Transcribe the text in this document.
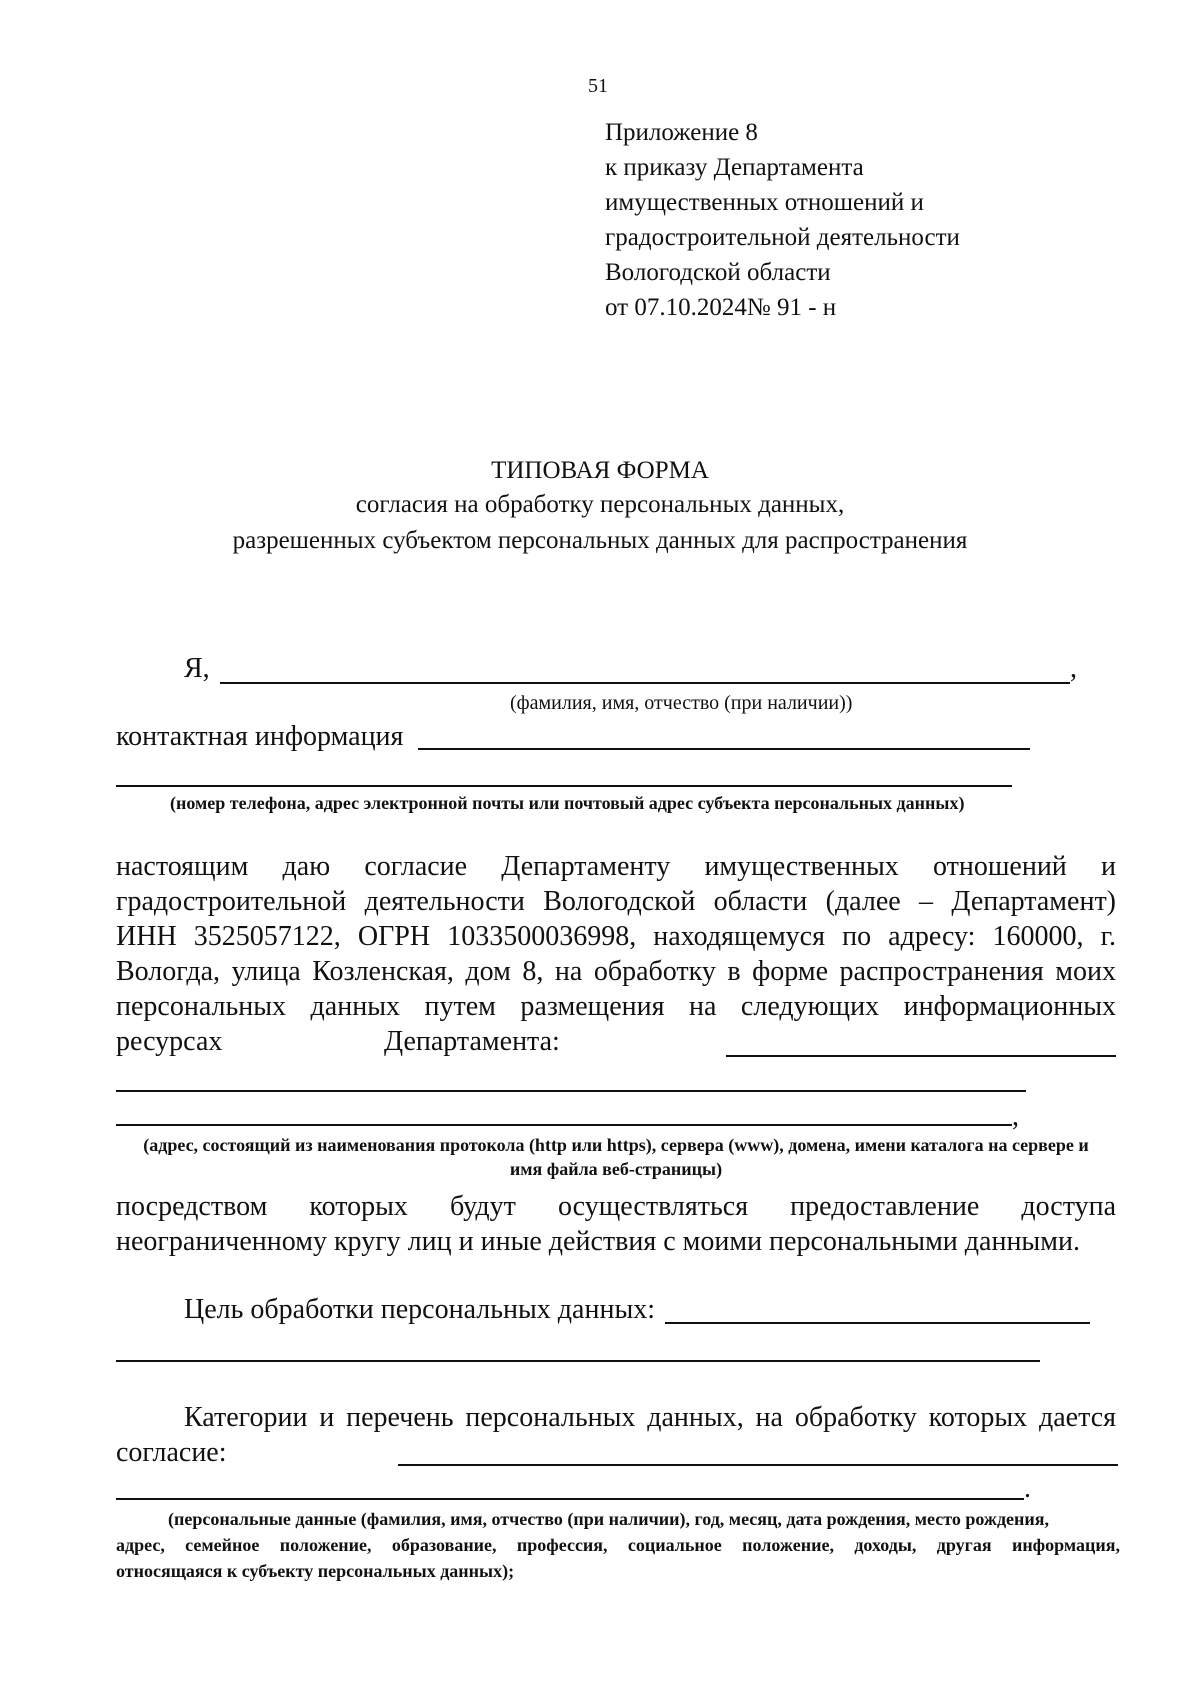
51
Приложение 8
к приказу Департамента
имущественных отношений и
градостроительной деятельности
Вологодской области
от 07.10.2024№ 91 - н
ТИПОВАЯ ФОРМА
согласия на обработку персональных данных,
разрешенных субъектом персональных данных для распространения
Я,	,
(фамилия, имя, отчество (при наличии))
контактная информация
(номер телефона, адрес электронной почты или почтовый адрес субъекта персональных данных)
настоящим даю согласие Департаменту имущественных отношений и
градостроительной деятельности Вологодской области (далее – Департамент)
ИНН 3525057122, ОГРН 1033500036998, находящемуся по адресу: 160000, г.
Вологда, улица Козленская, дом 8, на обработку в форме распространения моих
персональных данных путем размещения на следующих информационных
ресурсах	Департамента:
,
(адрес, состоящий из наименования протокола (http или https), сервера (www), домена, имени каталога на сервере и
имя файла веб-страницы)
посредством которых будут осуществляться предоставление доступа
неограниченному кругу лиц и иные действия с моими персональными данными.
Цель обработки персональных данных:
Категории и перечень персональных данных, на обработку которых дается
согласие:
.
(персональные данные (фамилия, имя, отчество (при наличии), год, месяц, дата рождения, место рождения,
адрес, семейное положение, образование, профессия, социальное положение, доходы, другая информация,
относящаяся к субъекту персональных данных);
